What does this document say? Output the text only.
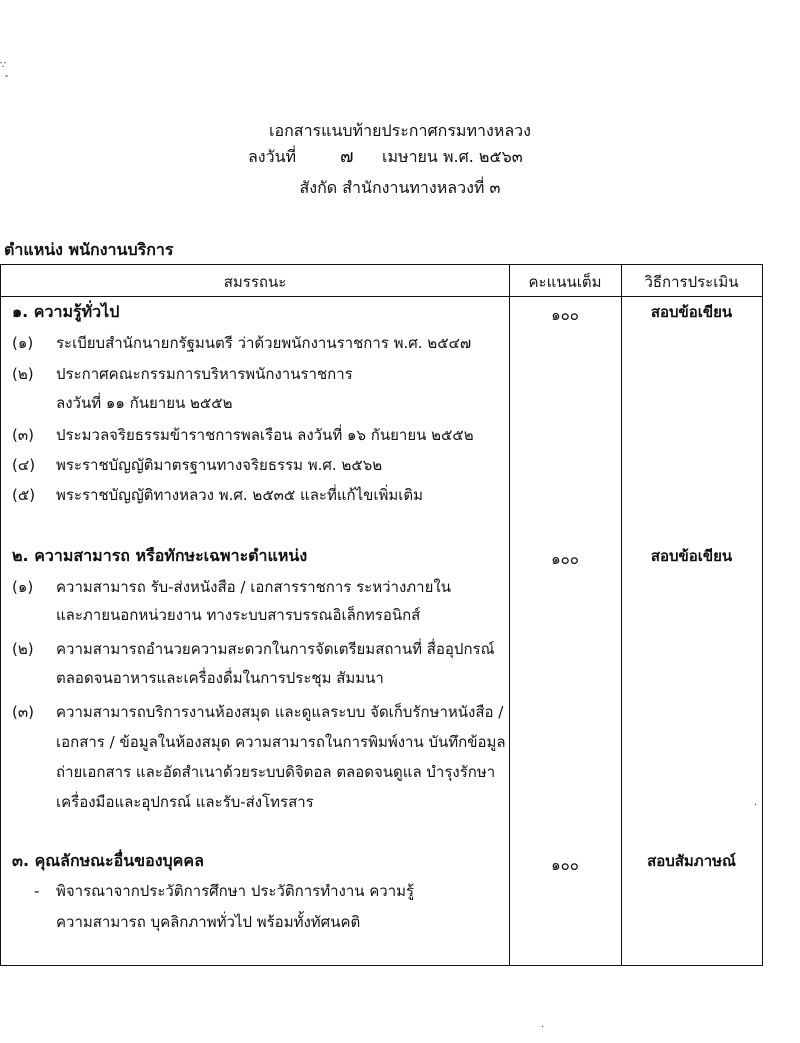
∵
ˇ
เอกสารแนบท้ายประกาศกรมทางหลวง
ลงวันที่ ๗ เมษายน พ.ศ. ๒๕๖๓
สังกัด สำนักงานทางหลวงที่ ๓
ตำแหน่ง พนักงานบริการ
สมรรถนะ	คะแนนเต็ม	วิธีการประเมิน
๑. ความรู้ทั่วไป	๑๐๐	สอบข้อเขียน
(๑) ระเบียบสำนักนายกรัฐมนตรี ว่าด้วยพนักงานราชการ พ.ศ. ๒๕๔๗
(๒) ประกาศคณะกรรมการบริหารพนักงานราชการ
ลงวันที่ ๑๑ กันยายน ๒๕๕๒
(๓) ประมวลจริยธรรมข้าราชการพลเรือน ลงวันที่ ๑๖ กันยายน ๒๕๕๒
(๔) พระราชบัญญัติมาตรฐานทางจริยธรรม พ.ศ. ๒๕๖๒
(๕) พระราชบัญญัติทางหลวง พ.ศ. ๒๕๓๕ และที่แก้ไขเพิ่มเติม
๒. ความสามารถ หรือทักษะเฉพาะตำแหน่ง	๑๐๐	สอบข้อเขียน
(๑) ความสามารถ รับ-ส่งหนังสือ / เอกสารราชการ ระหว่างภายใน
และภายนอกหน่วยงาน ทางระบบสารบรรณอิเล็กทรอนิกส์
(๒) ความสามารถอำนวยความสะดวกในการจัดเตรียมสถานที่ สื่ออุปกรณ์
ตลอดจนอาหารและเครื่องดื่มในการประชุม สัมมนา
(๓) ความสามารถบริการงานห้องสมุด และดูแลระบบ จัดเก็บรักษาหนังสือ /
เอกสาร / ข้อมูลในห้องสมุด ความสามารถในการพิมพ์งาน บันทึกข้อมูล
ถ่ายเอกสาร และอัดสำเนาด้วยระบบดิจิตอล ตลอดจนดูแล บำรุงรักษา
เครื่องมือและอุปกรณ์ และรับ-ส่งโทรสาร
๓. คุณลักษณะอื่นของบุคคล	๑๐๐	สอบสัมภาษณ์
- พิจารณาจากประวัติการศึกษา ประวัติการทำงาน ความรู้
ความสามารถ บุคลิกภาพทั่วไป พร้อมทั้งทัศนคติ
·
·
